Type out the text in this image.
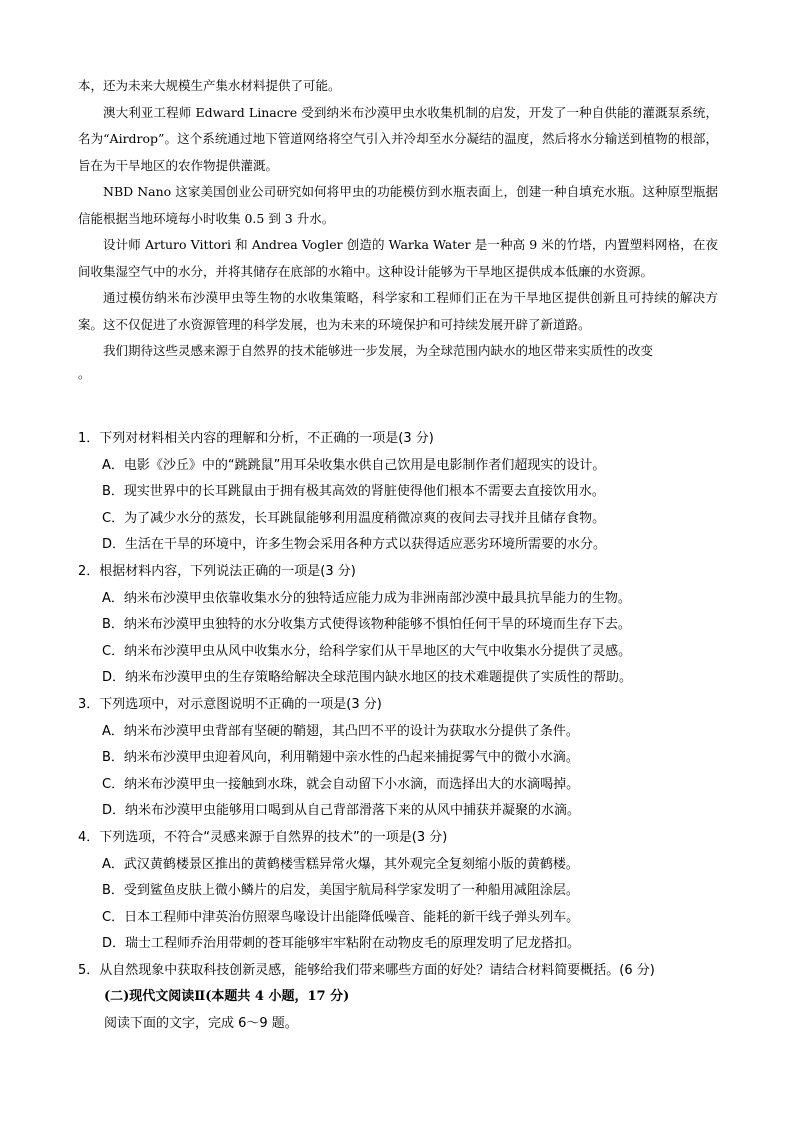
本，还为未来大规模生产集水材料提供了可能。

澳大利亚工程师 Edward Linacre 受到纳米布沙漠甲虫水收集机制的启发，开发了一种自供能的灌溉泵系统，名为“Airdrop”。这个系统通过地下管道网络将空气引入并冷却至水分凝结的温度，然后将水分输送到植物的根部，旨在为干旱地区的农作物提供灌溉。

NBD Nano 这家美国创业公司研究如何将甲虫的功能模仿到水瓶表面上，创建一种自填充水瓶。这种原型瓶据信能根据当地环境每小时收集 0.5 到 3 升水。

设计师 Arturo Vittori 和 Andrea Vogler 创造的 Warka Water 是一种高 9 米的竹塔，内置塑料网格，在夜间收集湿空气中的水分，并将其储存在底部的水箱中。这种设计能够为干旱地区提供成本低廉的水资源。

通过模仿纳米布沙漠甲虫等生物的水收集策略，科学家和工程师们正在为干旱地区提供创新且可持续的解决方案。这不仅促进了水资源管理的科学发展，也为未来的环境保护和可持续发展开辟了新道路。

我们期待这些灵感来源于自然界的技术能够进一步发展，为全球范围内缺水的地区带来实质性的改变

。

1．下列对材料相关内容的理解和分析，不正确的一项是(3 分)

A．电影《沙丘》中的“跳跳鼠”用耳朵收集水供自己饮用是电影制作者们超现实的设计。

B．现实世界中的长耳跳鼠由于拥有极其高效的肾脏使得他们根本不需要去直接饮用水。

C．为了减少水分的蒸发，长耳跳鼠能够利用温度稍微凉爽的夜间去寻找并且储存食物。

D．生活在干旱的环境中，许多生物会采用各种方式以获得适应恶劣环境所需要的水分。

2．根据材料内容，下列说法正确的一项是(3 分)

A．纳米布沙漠甲虫依靠收集水分的独特适应能力成为非洲南部沙漠中最具抗旱能力的生物。

B．纳米布沙漠甲虫独特的水分收集方式使得该物种能够不惧怕任何干旱的环境而生存下去。

C．纳米布沙漠甲虫从风中收集水分，给科学家们从干旱地区的大气中收集水分提供了灵感。

D．纳米布沙漠甲虫的生存策略给解决全球范围内缺水地区的技术难题提供了实质性的帮助。

3．下列选项中，对示意图说明不正确的一项是(3 分)

A．纳米布沙漠甲虫背部有坚硬的鞘翅，其凸凹不平的设计为获取水分提供了条件。

B．纳米布沙漠甲虫迎着风向，利用鞘翅中亲水性的凸起来捕捉雾气中的微小水滴。

C．纳米布沙漠甲虫一接触到水珠，就会自动留下小水滴，而选择出大的水滴喝掉。

D．纳米布沙漠甲虫能够用口喝到从自己背部滑落下来的从风中捕获并凝聚的水滴。

4．下列选项，不符合“灵感来源于自然界的技术”的一项是(3 分)

A．武汉黄鹤楼景区推出的黄鹤楼雪糕异常火爆，其外观完全复刻缩小版的黄鹤楼。

B．受到鲨鱼皮肤上微小鳞片的启发，美国宇航局科学家发明了一种船用减阻涂层。

C．日本工程师中津英治仿照翠鸟喙设计出能降低噪音、能耗的新干线子弹头列车。

D．瑞士工程师乔治用带刺的苍耳能够牢牢粘附在动物皮毛的原理发明了尼龙搭扣。

5．从自然现象中获取科技创新灵感，能够给我们带来哪些方面的好处？请结合材料简要概括。(6 分)

(二)现代文阅读Ⅱ(本题共 4 小题，17 分)

阅读下面的文字，完成 6～9 题。
